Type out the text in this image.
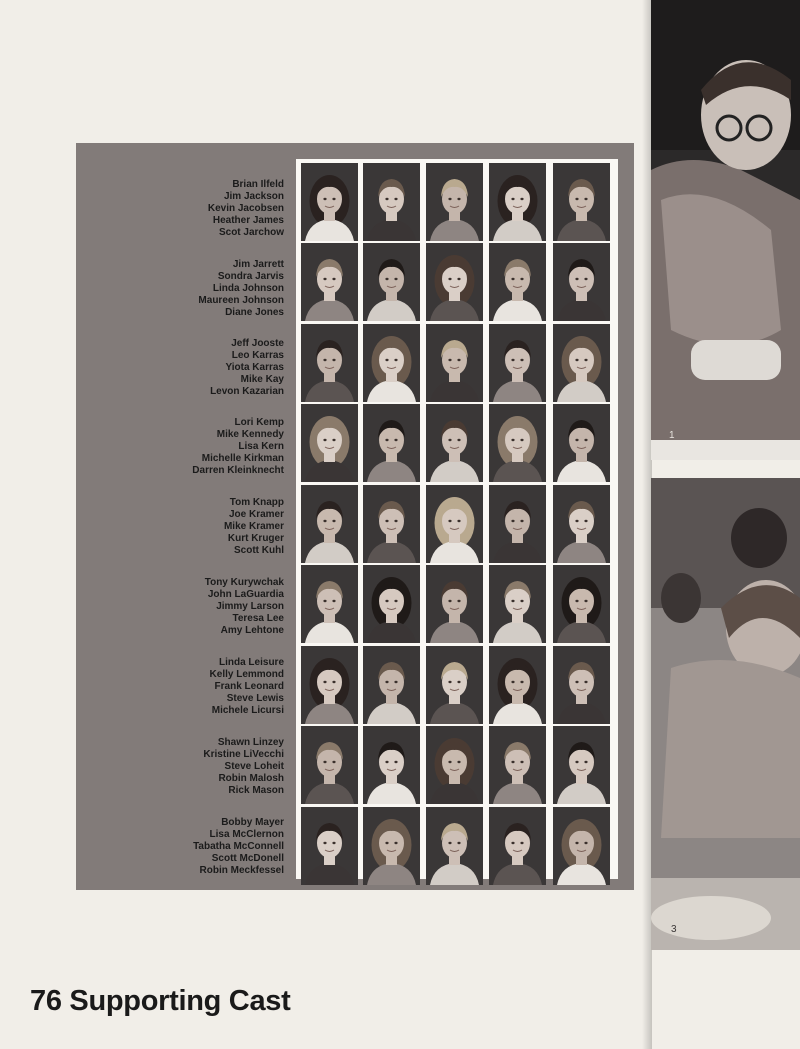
Brian Ilfeld
Jim Jackson
Kevin Jacobsen
Heather James
Scot Jarchow
Jim Jarrett
Sondra Jarvis
Linda Johnson
Maureen Johnson
Diane Jones
Jeff Jooste
Leo Karras
Yiota Karras
Mike Kay
Levon Kazarian
Lori Kemp
Mike Kennedy
Lisa Kern
Michelle Kirkman
Darren Kleinknecht
Tom Knapp
Joe Kramer
Mike Kramer
Kurt Kruger
Scott Kuhl
Tony Kurywchak
John LaGuardia
Jimmy Larson
Teresa Lee
Amy Lehtone
Linda Leisure
Kelly Lemmond
Frank Leonard
Steve Lewis
Michele Licursi
Shawn Linzey
Kristine LiVecchi
Steve Loheit
Robin Malosh
Rick Mason
Bobby Mayer
Lisa McClernon
Tabatha McConnell
Scott McDonell
Robin Meckfessel
1
3
76 Supporting Cast
